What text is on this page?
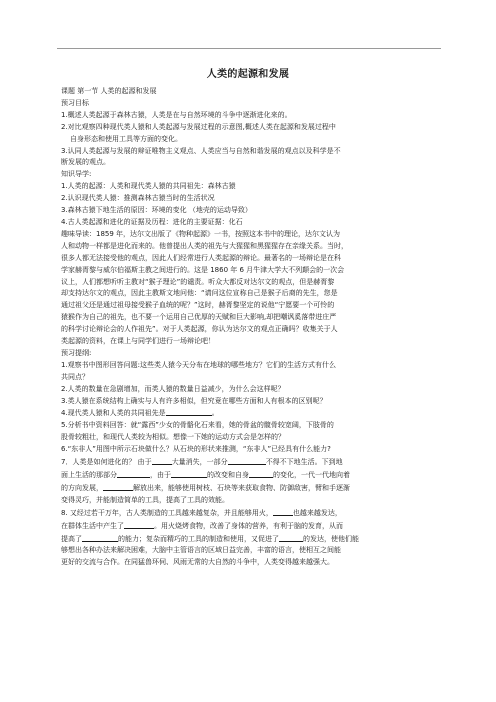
人类的起源和发展
课题 第一节 人类的起源和发展
预习目标
1.概述人类起源于森林古猿，人类是在与自然环境的斗争中逐渐进化来的。
2.对比观察四种现代类人猿和人类起源与发展过程的示意图,概述人类在起源和发展过程中
自身形态和使用工具等方面的变化。
3.认同人类起源与发展的辩证唯物主义观点、人类应当与自然和谐发展的观点以及科学是不
断发展的观点。
知识导学:
1.人类的起源：人类和现代类人猿的共同祖先：森林古猿
2.认识现代类人猿：推测森林古猿当时的生活状况
3.森林古猿下地生活的原因：环境的变化 （地壳的运动导致）
4.古人类起源和进化的证据及历程：进化的主要证据：化石
趣味导读：1859 年，达尔文出版了《物种起源》一书，按照这本书中的理论，达尔文认为
人和动物一样都是进化而来的。他曾提出人类的祖先与大猩猩和黑猩猩存在亲缘关系。当时，
很多人都无法接受他的观点，因此人们经常进行人类起源的辩论。最著名的一场辩论是在科
学家赫胥黎与威尔伯福斯主教之间进行的。这是 1860 年 6 月牛津大学大不列颠会的一次会
议上，人们都想听听主教对“猴子理论”的谴责。听众大都反对达尔文的观点，但是赫胥黎
却支持达尔文的观点，因此主教斯文地问他：“请问这位宣称自己是猴子后裔的先生，您是
通过祖父还是通过祖母接受猴子血统的呢？”这时，赫胥黎坚定的说他“宁愿要一个可怜的
猿猴作为自己的祖先，也不要一个运用自己优厚的天赋和巨大影响,却把嘲讽奚落带进庄严
的科学讨论辩论会的人作祖先”。对于人类起源，你认为达尔文的观点正确吗？收集关于人
类起源的资料，在课上与同学们进行一场辩论吧！
预习提纲:
1.观察书中图形回答问题:这些类人猿今天分布在地球的哪些地方？它们的生活方式有什么
共同点？
2.人类的数量在急剧增加，而类人猿的数量日益减少，为什么会这样呢？
3.类人猿在系统结构上确实与人有许多相似，但究竟在哪些方面和人有根本的区别呢？
4.现代类人猿和人类的共同祖先是	。
5.分析书中资料回答：就“露西”少女的骨骼化石来看，她的骨盆的髋骨较宽阔，下肢骨的
股骨较粗壮，和现代人类较为相似。想像一下她的运动方式会是怎样的？
6.“东非人”用图中所示石块做什么？从石块的形状来推测，“东非人”已经具有什么能力?
7．人类是如何进化的？ 由于	大量消失，一部分	不得不下地生活。下到地
面上生活的那部分	，由于	的改变和自身	的变化，一代一代地向着
的方向发展，	解放出来，能够使用树枝、石块等来获取食物、防御敌害，臂和手逐渐
变得灵巧，并能制造简单的工具，提高了工具的效能。
8. 又经过若干万年，古人类制造的工具越来越复杂，并且能够用火，	也越来越发达，
在群体生活中产生了	。用火烧烤食物，改善了身体的营养，有利于脑的发育，从而
提高了	的能力；复杂而精巧的工具的制造和使用，又促进了	的发达，使他们能
够想出各种办法来解决困难，大脑中主管语言的区域日益完善，丰富的语言，使相互之间能
更好的交流与合作。在同猛兽环伺、风雨无常的大自然的斗争中，人类变得越来越强大。
